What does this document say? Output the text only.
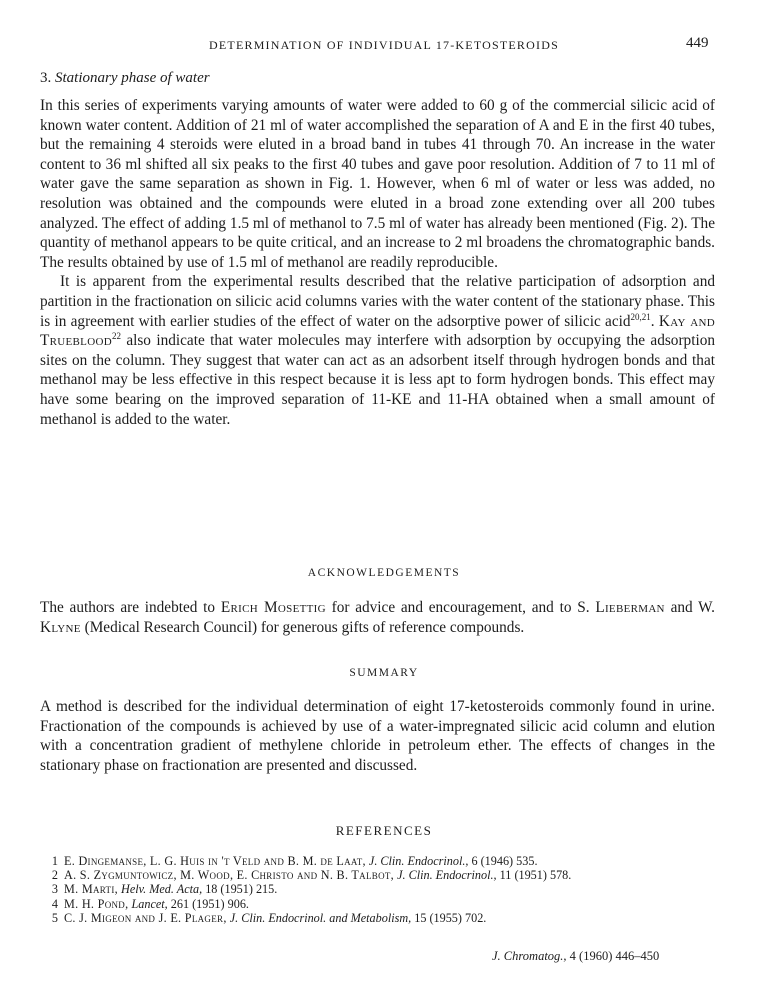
DETERMINATION OF INDIVIDUAL 17-KETOSTEROIDS	449
3. Stationary phase of water

In this series of experiments varying amounts of water were added to 60 g of the commercial silicic acid of known water content. Addition of 21 ml of water accomplished the separation of A and E in the first 40 tubes, but the remaining 4 steroids were eluted in a broad band in tubes 41 through 70. An increase in the water content to 36 ml shifted all six peaks to the first 40 tubes and gave poor resolution. Addition of 7 to 11 ml of water gave the same separation as shown in Fig. 1. However, when 6 ml of water or less was added, no resolution was obtained and the compounds were eluted in a broad zone extending over all 200 tubes analyzed. The effect of adding 1.5 ml of methanol to 7.5 ml of water has already been mentioned (Fig. 2). The quantity of methanol appears to be quite critical, and an increase to 2 ml broadens the chromatographic bands. The results obtained by use of 1.5 ml of methanol are readily reproducible.

It is apparent from the experimental results described that the relative participation of adsorption and partition in the fractionation on silicic acid columns varies with the water content of the stationary phase. This is in agreement with earlier studies of the effect of water on the adsorptive power of silicic acid$^{20,21}$. Kay and Trueblood$^{22}$ also indicate that water molecules may interfere with adsorption by occupying the adsorption sites on the column. They suggest that water can act as an adsorbent itself through hydrogen bonds and that methanol may be less effective in this respect because it is less apt to form hydrogen bonds. This effect may have some bearing on the improved separation of 11-KE and 11-HA obtained when a small amount of methanol is added to the water.

ACKNOWLEDGEMENTS

The authors are indebted to Erich Mosettig for advice and encouragement, and to S. Lieberman and W. Klyne (Medical Research Council) for generous gifts of reference compounds.

SUMMARY

A method is described for the individual determination of eight 17-ketosteroids commonly found in urine. Fractionation of the compounds is achieved by use of a water-impregnated silicic acid column and elution with a concentration gradient of methylene chloride in petroleum ether. The effects of changes in the stationary phase on fractionation are presented and discussed.

REFERENCES
1 E. Dingemanse, L. G. Huis in 't Veld and B. M. de Laat, J. Clin. Endocrinol., 6 (1946) 535.
2 A. S. Zygmuntowicz, M. Wood, E. Christo and N. B. Talbot, J. Clin. Endocrinol., 11 (1951) 578.
3 M. Marti, Helv. Med. Acta, 18 (1951) 215.
4 M. H. Pond, Lancet, 261 (1951) 906.
5 C. J. Migeon and J. E. Plager, J. Clin. Endocrinol. and Metabolism, 15 (1955) 702.
J. Chromatog., 4 (1960) 446–450
